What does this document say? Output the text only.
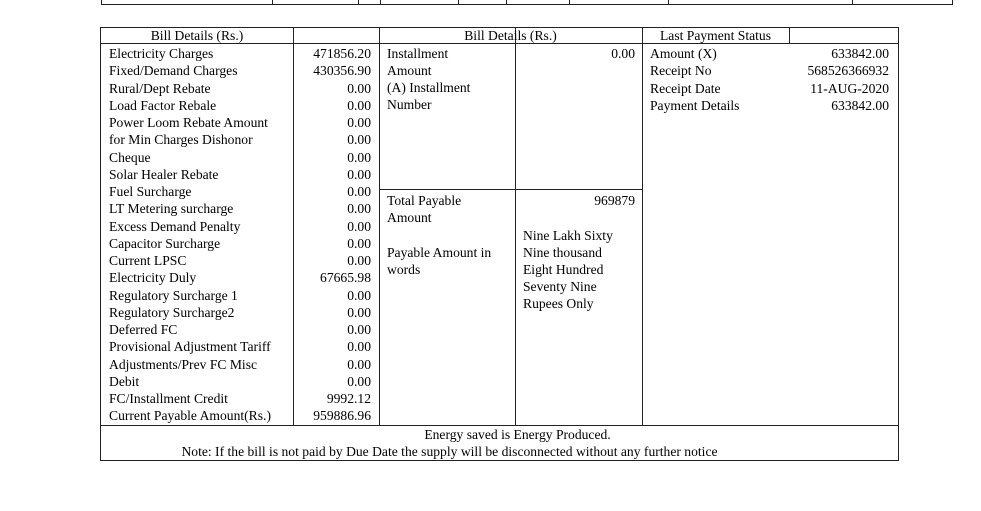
Bill Details (Rs.)	Bill Details (Rs.)	Last Payment Status
Electricity Charges
Fixed/Demand Charges
Rural/Dept Rebate
Load Factor Rebale
Power Loom Rebate Amount
for Min Charges Dishonor
Cheque
Solar Healer Rebate
Fuel Surcharge
LT Metering surcharge
Excess Demand Penalty
Capacitor Surcharge
Current LPSC
Electricity Duly
Regulatory Surcharge 1
Regulatory Surcharge2
Deferred FC
Provisional Adjustment Tariff
Adjustments/Prev FC Misc
Debit
FC/Installment Credit
Current Payable Amount(Rs.)
471856.20
430356.90
0.00
0.00
0.00
0.00
0.00
0.00
0.00
0.00
0.00
0.00
0.00
67665.98
0.00
0.00
0.00
0.00
0.00
0.00
9992.12
959886.96
Installment
Amount
(A) Installment
Number
0.00
Total Payable
Amount
969879
Payable Amount in
words
Nine Lakh Sixty
Nine thousand
Eight Hundred
Seventy Nine
Rupees Only
Amount (X)
Receipt No
Receipt Date
Payment Details
633842.00
568526366932
11-AUG-2020
633842.00
Energy saved is Energy Produced.
Note: If the bill is not paid by Due Date the supply will be disconnected without any further notice
